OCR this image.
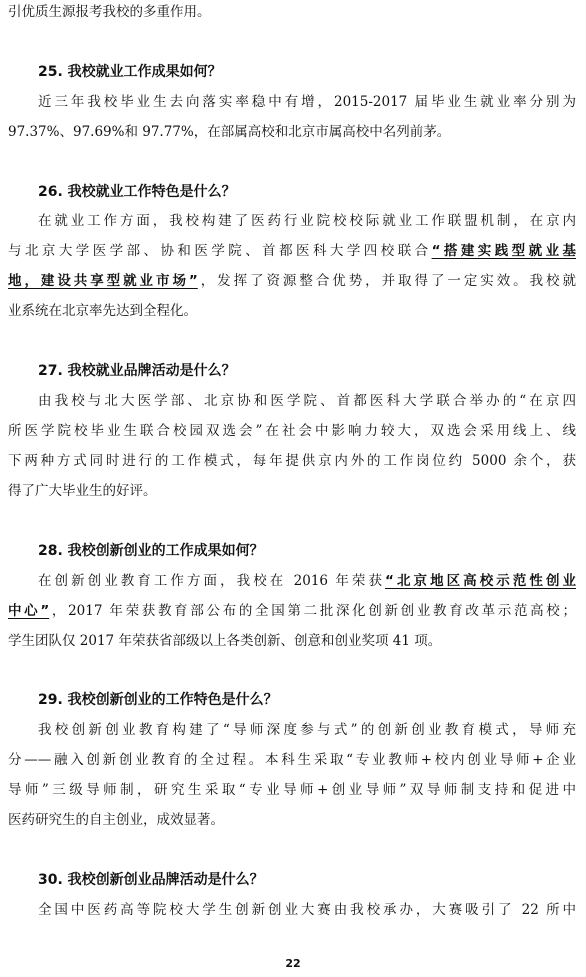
引优质生源报考我校的多重作用。
25. 我校就业工作成果如何？
近三年我校毕业生去向落实率稳中有增，2015-2017 届毕业生就业率分别为
97.37%、97.69%和 97.77%，在部属高校和北京市属高校中名列前茅。
26. 我校就业工作特色是什么？
在就业工作方面，我校构建了医药行业院校校际就业工作联盟机制，在京内
与北京大学医学部、协和医学院、首都医科大学四校联合“搭建实践型就业基
地，建设共享型就业市场”，发挥了资源整合优势，并取得了一定实效。我校就
业系统在北京率先达到全程化。
27. 我校就业品牌活动是什么？
由我校与北大医学部、北京协和医学院、首都医科大学联合举办的“在京四
所医学院校毕业生联合校园双选会”在社会中影响力较大，双选会采用线上、线
下两种方式同时进行的工作模式，每年提供京内外的工作岗位约 5000 余个，获
得了广大毕业生的好评。
28. 我校创新创业的工作成果如何？
在创新创业教育工作方面，我校在 2016 年荣获“北京地区高校示范性创业
中心”，2017 年荣获教育部公布的全国第二批深化创新创业教育改革示范高校；
学生团队仅 2017 年荣获省部级以上各类创新、创意和创业奖项 41 项。
29. 我校创新创业的工作特色是什么？
我校创新创业教育构建了“导师深度参与式”的创新创业教育模式，导师充
分——融入创新创业教育的全过程。本科生采取“专业教师+校内创业导师+企业
导师”三级导师制，研究生采取“专业导师+创业导师”双导师制支持和促进中
医药研究生的自主创业，成效显著。
30. 我校创新创业品牌活动是什么？
全国中医药高等院校大学生创新创业大赛由我校承办，大赛吸引了 22 所中
22
